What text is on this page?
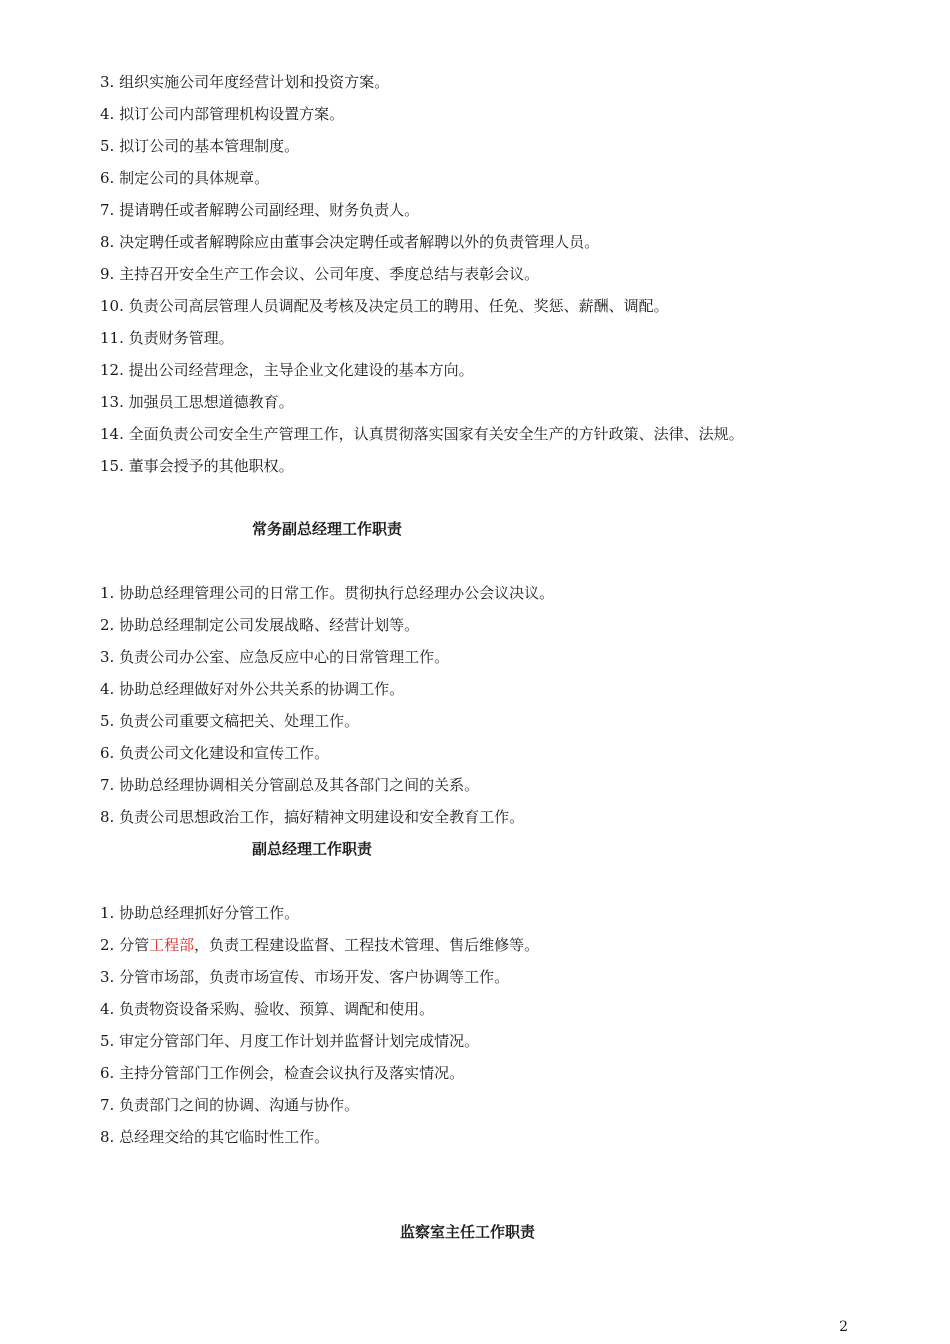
3. 组织实施公司年度经营计划和投资方案。
4. 拟订公司内部管理机构设置方案。
5. 拟订公司的基本管理制度。
6. 制定公司的具体规章。
7. 提请聘任或者解聘公司副经理、财务负责人。
8. 决定聘任或者解聘除应由董事会决定聘任或者解聘以外的负责管理人员。
9. 主持召开安全生产工作会议、公司年度、季度总结与表彰会议。
10. 负责公司高层管理人员调配及考核及决定员工的聘用、任免、奖惩、薪酬、调配。
11. 负责财务管理。
12. 提出公司经营理念，主导企业文化建设的基本方向。
13. 加强员工思想道德教育。
14. 全面负责公司安全生产管理工作，认真贯彻落实国家有关安全生产的方针政策、法律、法规。
15. 董事会授予的其他职权。
常务副总经理工作职责
1. 协助总经理管理公司的日常工作。贯彻执行总经理办公会议决议。
2. 协助总经理制定公司发展战略、经营计划等。
3. 负责公司办公室、应急反应中心的日常管理工作。
4. 协助总经理做好对外公共关系的协调工作。
5. 负责公司重要文稿把关、处理工作。
6. 负责公司文化建设和宣传工作。
7. 协助总经理协调相关分管副总及其各部门之间的关系。
8. 负责公司思想政治工作，搞好精神文明建设和安全教育工作。
副总经理工作职责
1. 协助总经理抓好分管工作。
2. 分管工程部，负责工程建设监督、工程技术管理、售后维修等。
3. 分管市场部，负责市场宣传、市场开发、客户协调等工作。
4. 负责物资设备采购、验收、预算、调配和使用。
5. 审定分管部门年、月度工作计划并监督计划完成情况。
6. 主持分管部门工作例会，检查会议执行及落实情况。
7. 负责部门之间的协调、沟通与协作。
8. 总经理交给的其它临时性工作。
监察室主任工作职责
2
